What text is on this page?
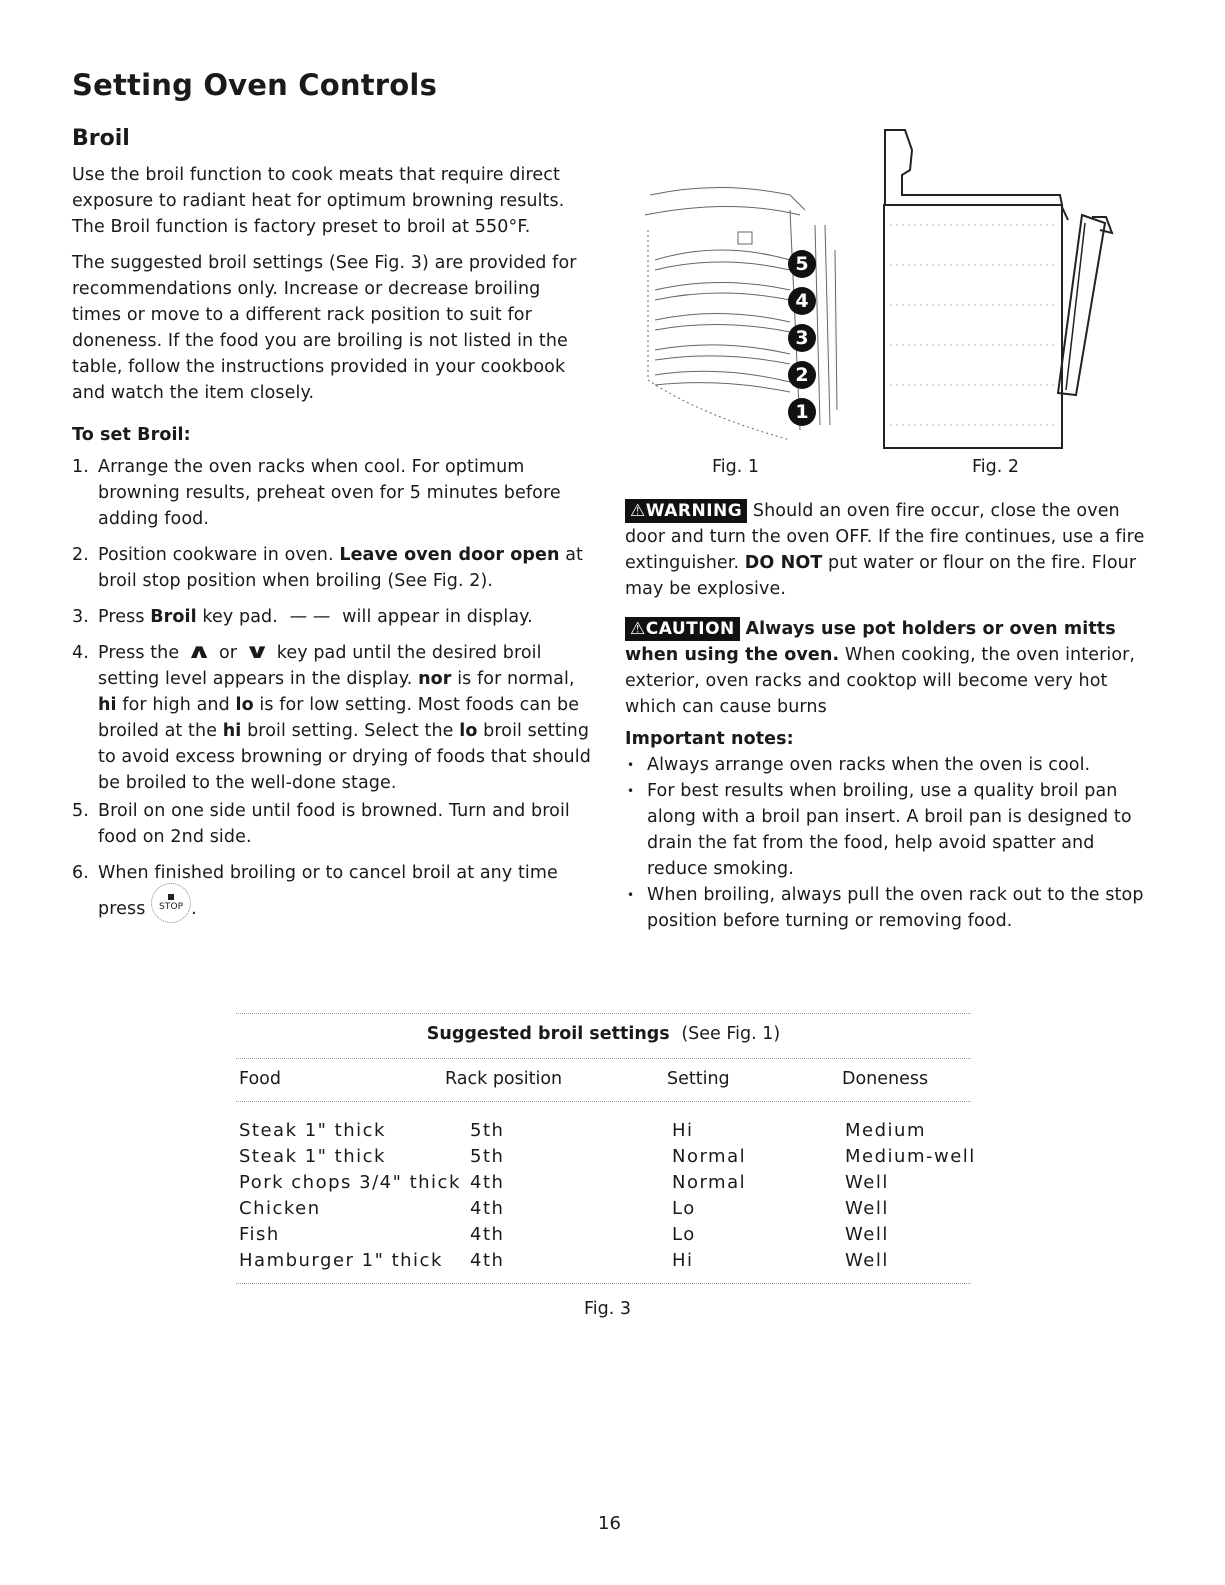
Setting Oven Controls
Broil

Use the broil function to cook meats that require direct exposure to radiant heat for optimum browning results. The Broil function is factory preset to broil at 550°F.

The suggested broil settings (See Fig. 3) are provided for recommendations only. Increase or decrease broiling times or move to a different rack position to suit for doneness. If the food you are broiling is not listed in the table, follow the instructions provided in your cookbook and watch the item closely.

To set Broil:

1. Arrange the oven racks when cool. For optimum browning results, preheat oven for 5 minutes before adding food.
2. Position cookware in oven. Leave oven door open at broil stop position when broiling (See Fig. 2).
3. Press Broil key pad. — — will appear in display.
4. Press the ∧ or ∨ key pad until the desired broil setting level appears in the display. nor is for normal, hi for high and lo is for low setting. Most foods can be broiled at the hi broil setting. Select the lo broil setting to avoid excess browning or drying of foods that should be broiled to the well-done stage.
5. Broil on one side until food is browned. Turn and broil food on 2nd side.
6. When finished broiling or to cancel broil at any time
press STOP .
5
4
3
2
1
Fig. 1	Fig. 2

⚠WARNING Should an oven fire occur, close the oven door and turn the oven OFF. If the fire continues, use a fire extinguisher. DO NOT put water or flour on the fire. Flour may be explosive.

⚠CAUTION Always use pot holders or oven mitts when using the oven. When cooking, the oven interior, exterior, oven racks and cooktop will become very hot which can cause burns

Important notes:

• Always arrange oven racks when the oven is cool.
• For best results when broiling, use a quality broil pan along with a broil pan insert. A broil pan is designed to drain the fat from the food, help avoid spatter and reduce smoking.
• When broiling, always pull the oven rack out to the stop position before turning or removing food.
Suggested broil settings (See Fig. 1)
Food	Rack position	Setting	Doneness
Steak 1" thick	5th	Hi	Medium
Steak 1" thick	5th	Normal	Medium-well
Pork chops 3/4" thick 4th	Normal	Well
Chicken	4th	Lo	Well
Fish	4th	Lo	Well
Hamburger 1" thick 4th	Hi	Well
Fig. 3
16
